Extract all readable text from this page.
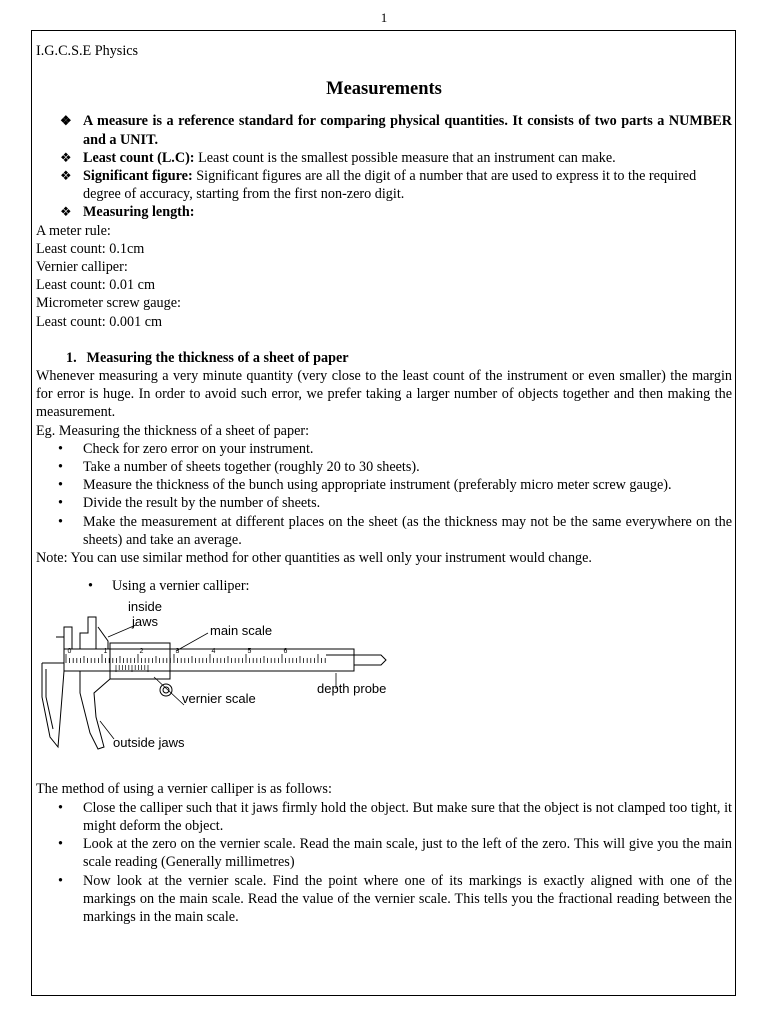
1

I.G.C.S.E Physics

Measurements
❖ A measure is a reference standard for comparing physical quantities. It consists of two parts a NUMBER and a UNIT.
❖ Least count (L.C): Least count is the smallest possible measure that an instrument can make.
❖ Significant figure: Significant figures are all the digit of a number that are used to express it to the required degree of accuracy, starting from the first non-zero digit.
❖ Measuring length:

A meter rule:

Least count: 0.1cm

Vernier calliper:

Least count: 0.01 cm

Micrometer screw gauge:

Least count: 0.001 cm

1. Measuring the thickness of a sheet of paper

Whenever measuring a very minute quantity (very close to the least count of the instrument or even smaller) the margin for error is huge. In order to avoid such error, we prefer taking a larger number of objects together and then making the measurement.

Eg. Measuring the thickness of a sheet of paper:

• Check for zero error on your instrument.
• Take a number of sheets together (roughly 20 to 30 sheets).
• Measure the thickness of the bunch using appropriate instrument (preferably micro meter screw gauge).
• Divide the result by the number of sheets.
• Make the measurement at different places on the sheet (as the thickness may not be the same everywhere on the sheets) and take an average.

Note: You can use similar method for other quantities as well only your instrument would change.

• Using a vernier calliper:
0	1	2	3	4	5	6
inside
jaws
main scale
depth probe
vernier scale
outside jaws

The method of using a vernier calliper is as follows:

• Close the calliper such that it jaws firmly hold the object. But make sure that the object is not clamped too tight, it might deform the object.
• Look at the zero on the vernier scale. Read the main scale, just to the left of the zero. This will give you the main scale reading (Generally millimetres)
• Now look at the vernier scale. Find the point where one of its markings is exactly aligned with one of the markings on the main scale. Read the value of the vernier scale. This tells you the fractional reading between the markings in the main scale.
